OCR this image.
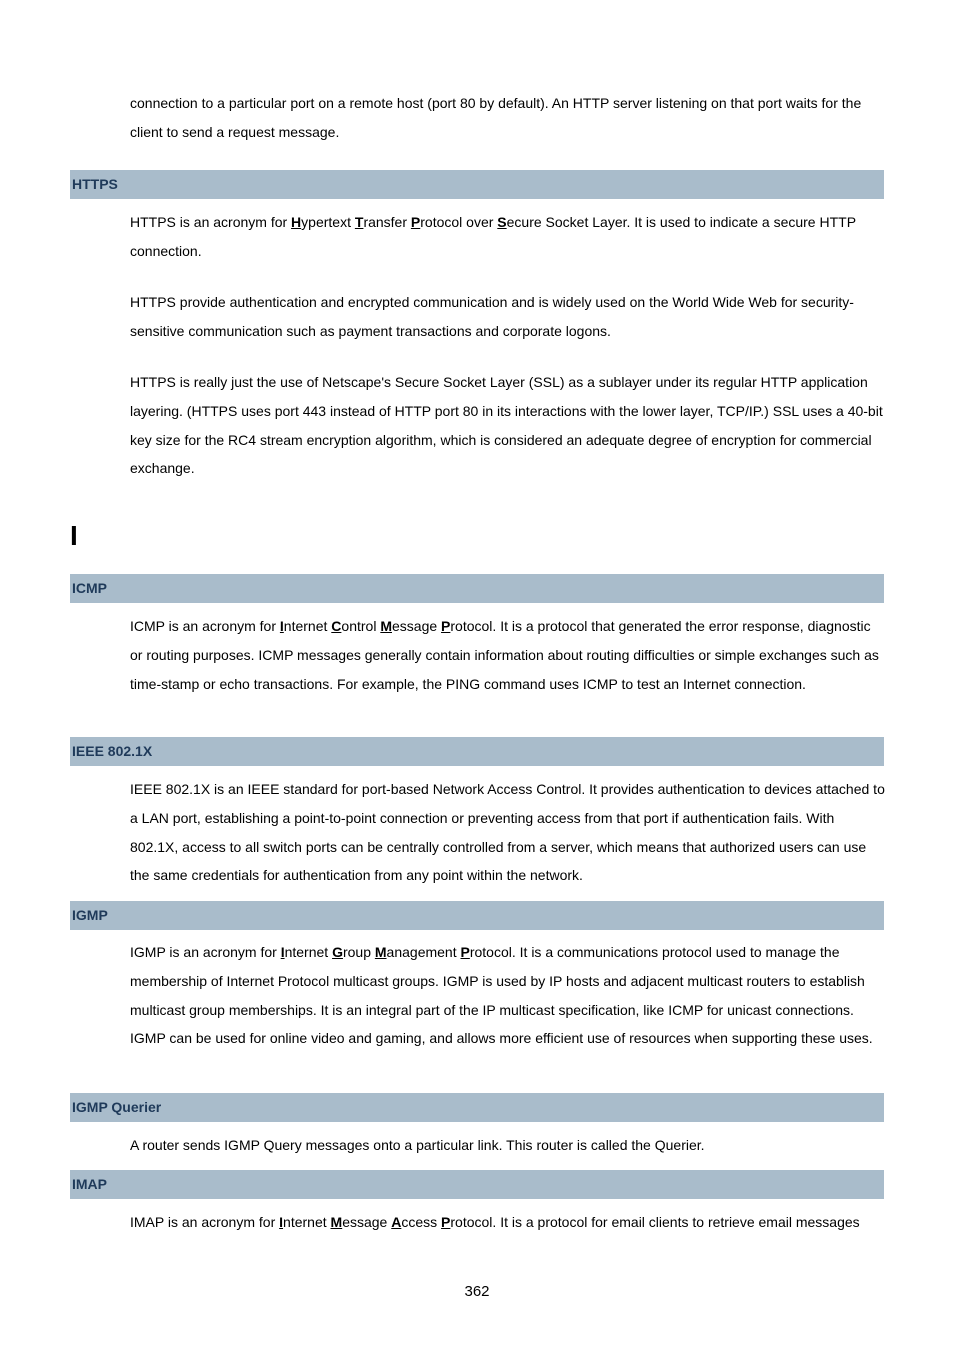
connection to a particular port on a remote host (port 80 by default). An HTTP server listening on that port waits for the client to send a request message.

HTTPS

HTTPS is an acronym for Hypertext Transfer Protocol over Secure Socket Layer. It is used to indicate a secure HTTP connection.

HTTPS provide authentication and encrypted communication and is widely used on the World Wide Web for security-sensitive communication such as payment transactions and corporate logons.

HTTPS is really just the use of Netscape's Secure Socket Layer (SSL) as a sublayer under its regular HTTP application layering. (HTTPS uses port 443 instead of HTTP port 80 in its interactions with the lower layer, TCP/IP.) SSL uses a 40-bit key size for the RC4 stream encryption algorithm, which is considered an adequate degree of encryption for commercial exchange.

I
ICMP

ICMP is an acronym for Internet Control Message Protocol. It is a protocol that generated the error response, diagnostic or routing purposes. ICMP messages generally contain information about routing difficulties or simple exchanges such as time-stamp or echo transactions. For example, the PING command uses ICMP to test an Internet connection.

IEEE 802.1X

IEEE 802.1X is an IEEE standard for port-based Network Access Control. It provides authentication to devices attached to a LAN port, establishing a point-to-point connection or preventing access from that port if authentication fails. With 802.1X, access to all switch ports can be centrally controlled from a server, which means that authorized users can use the same credentials for authentication from any point within the network.

IGMP

IGMP is an acronym for Internet Group Management Protocol. It is a communications protocol used to manage the membership of Internet Protocol multicast groups. IGMP is used by IP hosts and adjacent multicast routers to establish multicast group memberships. It is an integral part of the IP multicast specification, like ICMP for unicast connections. IGMP can be used for online video and gaming, and allows more efficient use of resources when supporting these uses.

IGMP Querier

A router sends IGMP Query messages onto a particular link. This router is called the Querier.

IMAP

IMAP is an acronym for Internet Message Access Protocol. It is a protocol for email clients to retrieve email messages

362
